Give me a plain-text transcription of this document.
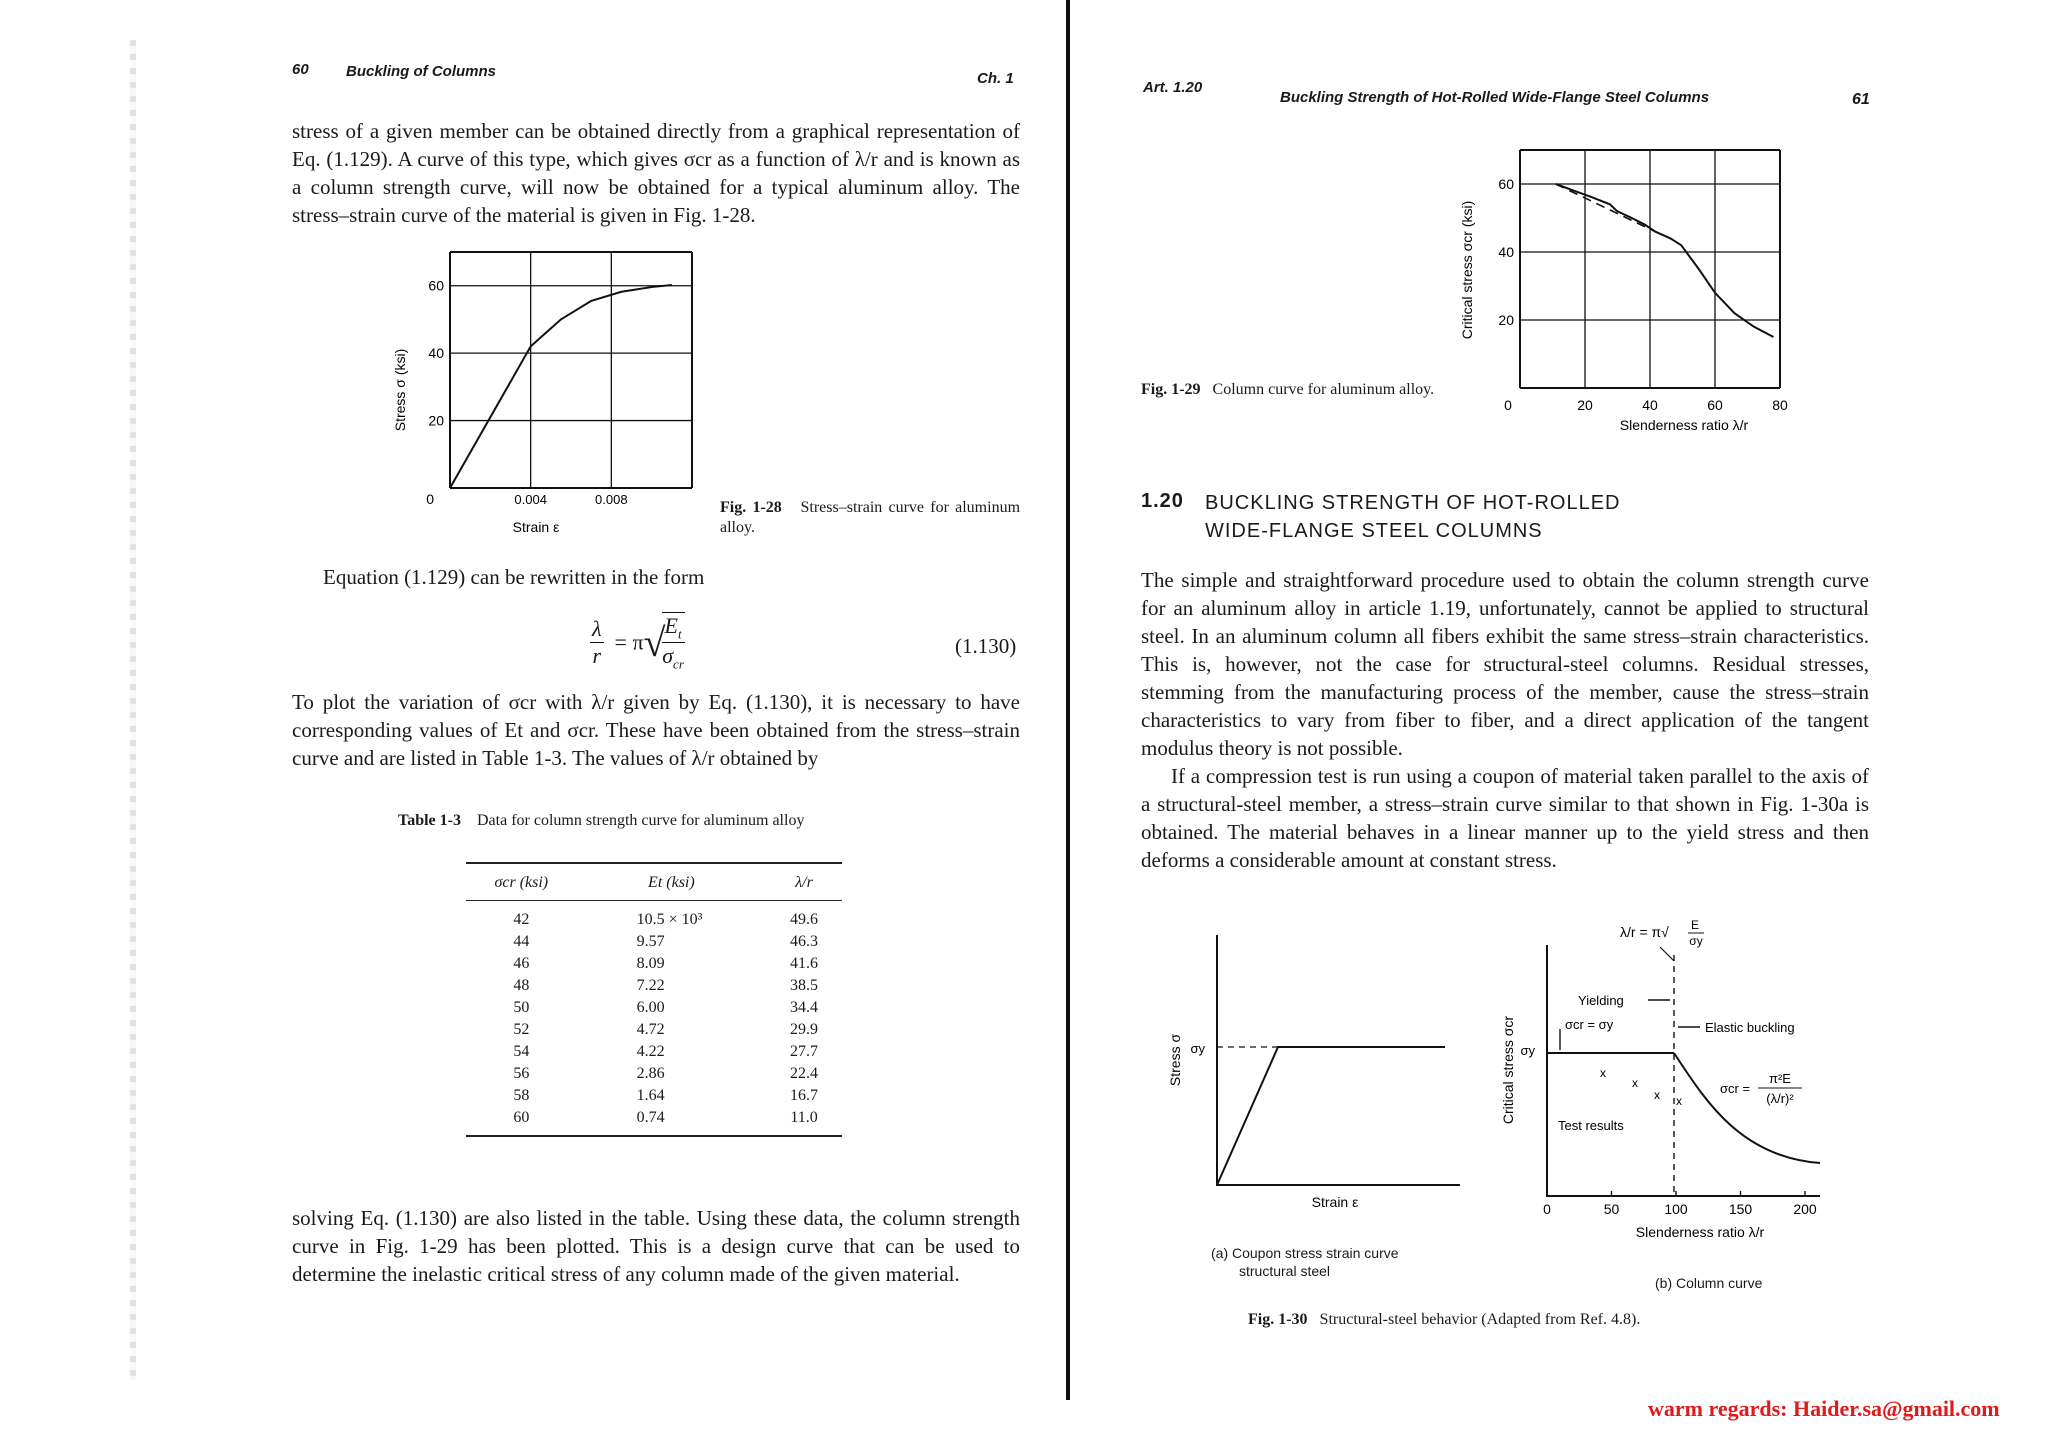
60 Buckling of Columns	Ch. 1
stress of a given member can be obtained directly from a graphical representation of Eq. (1.129). A curve of this type, which gives σcr as a function of λ/r and is known as a column strength curve, will now be obtained for a typical aluminum alloy. The stress–strain curve of the material is given in Fig. 1-28.
60
40
20
0	0.004	0.008
Strain ε
Stress σ (ksi)
Fig. 1-28 Stress–strain curve for aluminum alloy.
Equation (1.129) can be rewritten in the form
$\frac{\lambda}{r} = \pi√$ $E_t$
$\sigma_{cr}$
(1.130)
To plot the variation of σcr with λ/r given by Eq. (1.130), it is necessary to have corresponding values of Et and σcr. These have been obtained from the stress–strain curve and are listed in Table 1-3. The values of λ/r obtained by
Table 1-3 Data for column strength curve for aluminum alloy
σcr (ksi)	Et (ksi)	λ/r
42	10.5 × 10³	49.6
44	9.57	46.3
46	8.09	41.6
48	7.22	38.5
50	6.00	34.4
52	4.72	29.9
54	4.22	27.7
56	2.86	22.4
58	1.64	16.7
60	0.74	11.0
solving Eq. (1.130) are also listed in the table. Using these data, the column strength curve in Fig. 1-29 has been plotted. This is a design curve that can be used to determine the inelastic critical stress of any column made of the given material.
Art. 1.20
Buckling Strength of Hot-Rolled Wide-Flange Steel Columns	61
60
40
20
0	20	40	60	80
Slenderness ratio λ/r
Critical stress σcr (ksi)
Fig. 1-29 Column curve for aluminum alloy.
1.20 BUCKLING STRENGTH OF HOT-ROLLED
WIDE-FLANGE STEEL COLUMNS
The simple and straightforward procedure used to obtain the column strength curve for an aluminum alloy in article 1.19, unfortunately, cannot be applied to structural steel. In an aluminum column all fibers exhibit the same stress–strain characteristics. This is, however, not the case for structural-steel columns. Residual stresses, stemming from the manufacturing process of the member, cause the stress–strain characteristics to vary from fiber to fiber, and a direct application of the tangent modulus theory is not possible.
If a compression test is run using a coupon of material taken parallel to the axis of a structural-steel member, a stress–strain curve similar to that shown in Fig. 1-30a is obtained. The material behaves in a linear manner up to the yield stress and then deforms a considerable amount at constant stress.
σy
Stress σ
Strain ε
σy
Critical stress σcr
Yielding
σcr = σy	Elastic buckling
Test results
x
x
x x
σcr =
π²E
(λ/r)²
λ/r = π√ E
σy
0	50	100	150	200
Slenderness ratio λ/r
(a) Coupon stress strain curve
structural steel
(b) Column curve
Fig. 1-30 Structural-steel behavior (Adapted from Ref. 4.8).
warm regards: Haider.sa@gmail.com
